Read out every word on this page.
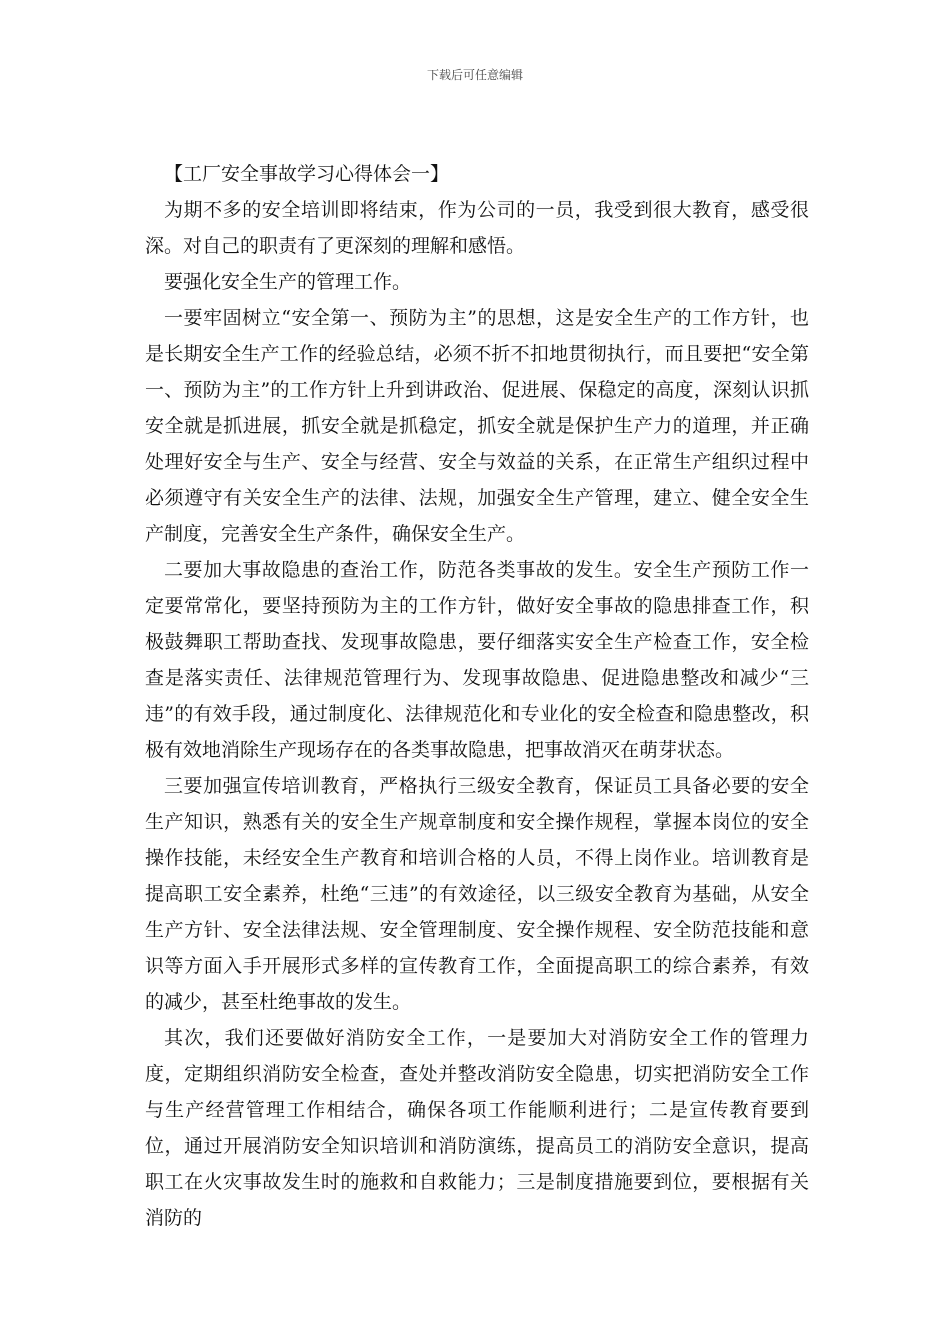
下载后可任意编辑

【工厂安全事故学习心得体会一】

为期不多的安全培训即将结束，作为公司的一员，我受到很大教育，感受很深。对自己的职责有了更深刻的理解和感悟。

要强化安全生产的管理工作。

一要牢固树立“安全第一、预防为主”的思想，这是安全生产的工作方针，也是长期安全生产工作的经验总结，必须不折不扣地贯彻执行，而且要把“安全第一、预防为主”的工作方针上升到讲政治、促进展、保稳定的高度，深刻认识抓安全就是抓进展，抓安全就是抓稳定，抓安全就是保护生产力的道理，并正确处理好安全与生产、安全与经营、安全与效益的关系，在正常生产组织过程中必须遵守有关安全生产的法律、法规，加强安全生产管理，建立、健全安全生产制度，完善安全生产条件，确保安全生产。

二要加大事故隐患的查治工作，防范各类事故的发生。安全生产预防工作一定要常常化，要坚持预防为主的工作方针，做好安全事故的隐患排查工作，积极鼓舞职工帮助查找、发现事故隐患，要仔细落实安全生产检查工作，安全检查是落实责任、法律规范管理行为、发现事故隐患、促进隐患整改和减少“三违”的有效手段，通过制度化、法律规范化和专业化的安全检查和隐患整改，积极有效地消除生产现场存在的各类事故隐患，把事故消灭在萌芽状态。

三要加强宣传培训教育，严格执行三级安全教育，保证员工具备必要的安全生产知识，熟悉有关的安全生产规章制度和安全操作规程，掌握本岗位的安全操作技能，未经安全生产教育和培训合格的人员，不得上岗作业。培训教育是提高职工安全素养，杜绝“三违”的有效途径，以三级安全教育为基础，从安全生产方针、安全法律法规、安全管理制度、安全操作规程、安全防范技能和意识等方面入手开展形式多样的宣传教育工作，全面提高职工的综合素养，有效的减少，甚至杜绝事故的发生。

其次，我们还要做好消防安全工作，一是要加大对消防安全工作的管理力度，定期组织消防安全检查，查处并整改消防安全隐患，切实把消防安全工作与生产经营管理工作相结合，确保各项工作能顺利进行；二是宣传教育要到位，通过开展消防安全知识培训和消防演练，提高员工的消防安全意识，提高职工在火灾事故发生时的施救和自救能力；三是制度措施要到位，要根据有关消防的
